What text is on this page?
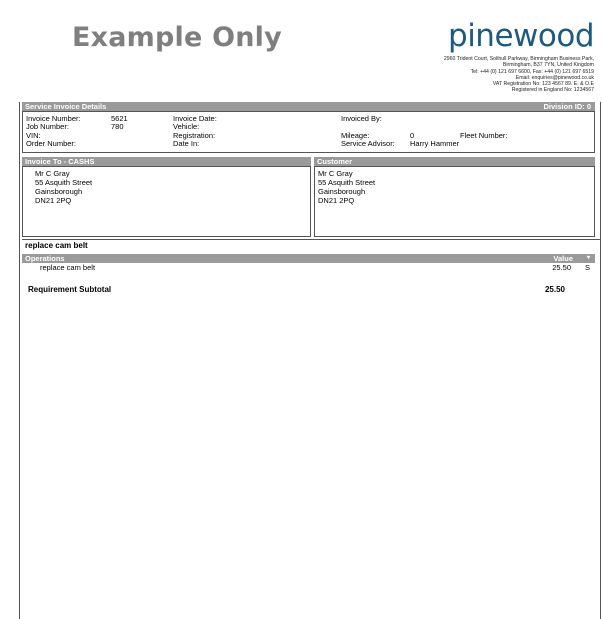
Example Only	pinewood
2960 Trident Court, Solihull Parkway, Birmingham Business Park,
Birmingham, B37 7YN, United Kingdom
Tel: +44 (0) 121 697 6600, Fax: +44 (0) 121 697 6519
Email: enquiries@pinewood.co.uk
VAT Registration No: 123 4567 89. E. & O.E
Registered in England No: 1234567
Service Invoice Details	Division ID: 0
Invoice Number:	5621
Job Number:	780
VIN:
Order Number:
Invoice Date:
Vehicle:
Registration:
Date In:
Invoiced By:
Mileage:	0
Service Advisor: Harry Hammer
Fleet Number:
Invoice To - CASHS
Mr C Gray
55 Asquith Street
Gainsborough
DN21 2PQ
Customer
Mr C Gray
55 Asquith Street
Gainsborough
DN21 2PQ
replace cam belt
Operations	Value ▾
replace cam belt	25.50 S
Requirement Subtotal	25.50
